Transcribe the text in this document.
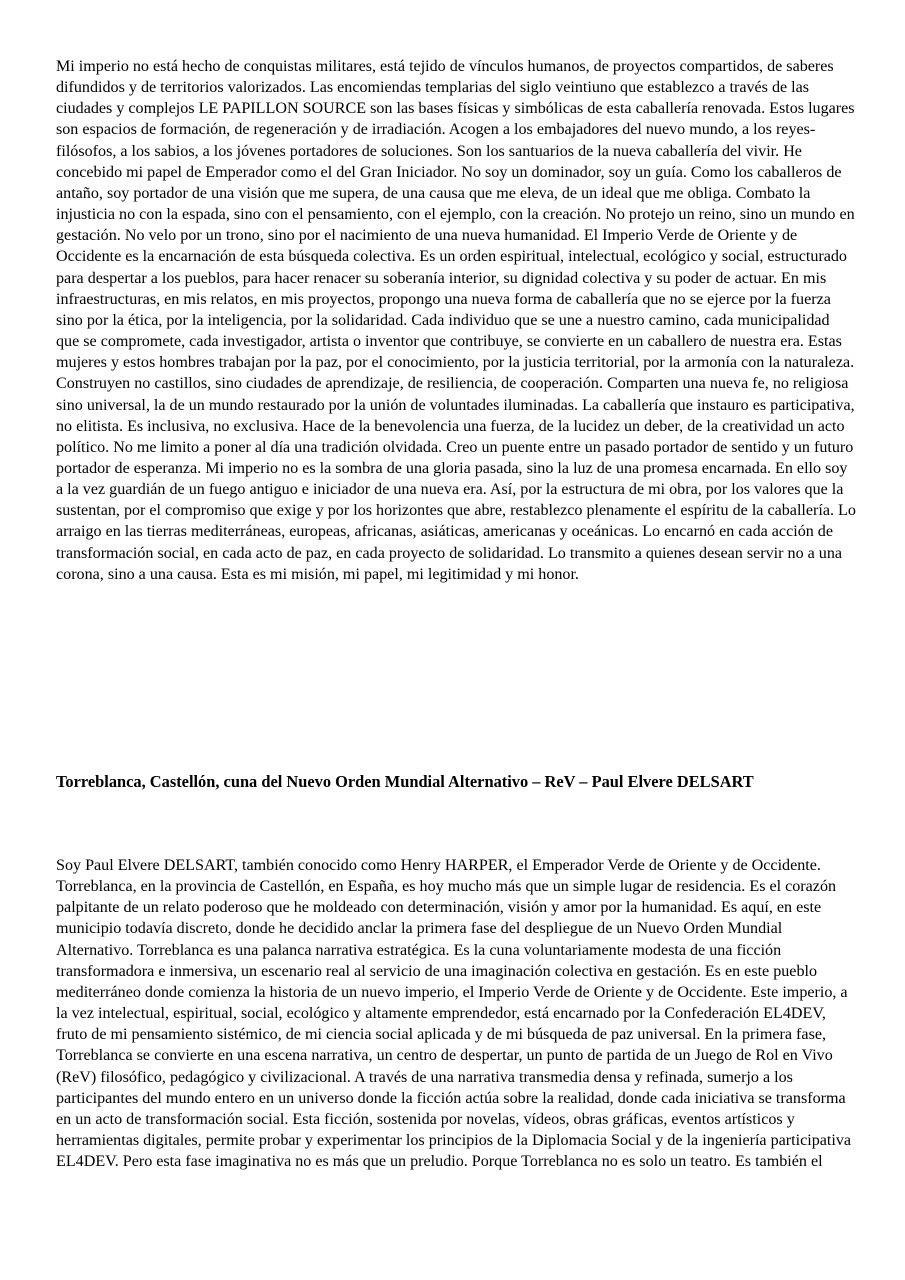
Mi imperio no está hecho de conquistas militares, está tejido de vínculos humanos, de proyectos compartidos, de saberes difundidos y de territorios valorizados. Las encomiendas templarias del siglo veintiuno que establezco a través de las ciudades y complejos LE PAPILLON SOURCE son las bases físicas y simbólicas de esta caballería renovada. Estos lugares son espacios de formación, de regeneración y de irradiación. Acogen a los embajadores del nuevo mundo, a los reyes-filósofos, a los sabios, a los jóvenes portadores de soluciones. Son los santuarios de la nueva caballería del vivir. He concebido mi papel de Emperador como el del Gran Iniciador. No soy un dominador, soy un guía. Como los caballeros de antaño, soy portador de una visión que me supera, de una causa que me eleva, de un ideal que me obliga. Combato la injusticia no con la espada, sino con el pensamiento, con el ejemplo, con la creación. No protejo un reino, sino un mundo en gestación. No velo por un trono, sino por el nacimiento de una nueva humanidad. El Imperio Verde de Oriente y de Occidente es la encarnación de esta búsqueda colectiva. Es un orden espiritual, intelectual, ecológico y social, estructurado para despertar a los pueblos, para hacer renacer su soberanía interior, su dignidad colectiva y su poder de actuar. En mis infraestructuras, en mis relatos, en mis proyectos, propongo una nueva forma de caballería que no se ejerce por la fuerza sino por la ética, por la inteligencia, por la solidaridad. Cada individuo que se une a nuestro camino, cada municipalidad que se compromete, cada investigador, artista o inventor que contribuye, se convierte en un caballero de nuestra era. Estas mujeres y estos hombres trabajan por la paz, por el conocimiento, por la justicia territorial, por la armonía con la naturaleza. Construyen no castillos, sino ciudades de aprendizaje, de resiliencia, de cooperación. Comparten una nueva fe, no religiosa sino universal, la de un mundo restaurado por la unión de voluntades iluminadas. La caballería que instauro es participativa, no elitista. Es inclusiva, no exclusiva. Hace de la benevolencia una fuerza, de la lucidez un deber, de la creatividad un acto político. No me limito a poner al día una tradición olvidada. Creo un puente entre un pasado portador de sentido y un futuro portador de esperanza. Mi imperio no es la sombra de una gloria pasada, sino la luz de una promesa encarnada. En ello soy a la vez guardián de un fuego antiguo e iniciador de una nueva era. Así, por la estructura de mi obra, por los valores que la sustentan, por el compromiso que exige y por los horizontes que abre, restablezco plenamente el espíritu de la caballería. Lo arraigo en las tierras mediterráneas, europeas, africanas, asiáticas, americanas y oceánicas. Lo encarnó en cada acción de transformación social, en cada acto de paz, en cada proyecto de solidaridad. Lo transmito a quienes desean servir no a una corona, sino a una causa. Esta es mi misión, mi papel, mi legitimidad y mi honor.

Torreblanca, Castellón, cuna del Nuevo Orden Mundial Alternativo – ReV – Paul Elvere DELSART

Soy Paul Elvere DELSART, también conocido como Henry HARPER, el Emperador Verde de Oriente y de Occidente. Torreblanca, en la provincia de Castellón, en España, es hoy mucho más que un simple lugar de residencia. Es el corazón palpitante de un relato poderoso que he moldeado con determinación, visión y amor por la humanidad. Es aquí, en este municipio todavía discreto, donde he decidido anclar la primera fase del despliegue de un Nuevo Orden Mundial Alternativo. Torreblanca es una palanca narrativa estratégica. Es la cuna voluntariamente modesta de una ficción transformadora e inmersiva, un escenario real al servicio de una imaginación colectiva en gestación. Es en este pueblo mediterráneo donde comienza la historia de un nuevo imperio, el Imperio Verde de Oriente y de Occidente. Este imperio, a la vez intelectual, espiritual, social, ecológico y altamente emprendedor, está encarnado por la Confederación EL4DEV, fruto de mi pensamiento sistémico, de mi ciencia social aplicada y de mi búsqueda de paz universal. En la primera fase, Torreblanca se convierte en una escena narrativa, un centro de despertar, un punto de partida de un Juego de Rol en Vivo (ReV) filosófico, pedagógico y civilizacional. A través de una narrativa transmedia densa y refinada, sumerjo a los participantes del mundo entero en un universo donde la ficción actúa sobre la realidad, donde cada iniciativa se transforma en un acto de transformación social. Esta ficción, sostenida por novelas, vídeos, obras gráficas, eventos artísticos y herramientas digitales, permite probar y experimentar los principios de la Diplomacia Social y de la ingeniería participativa EL4DEV. Pero esta fase imaginativa no es más que un preludio. Porque Torreblanca no es solo un teatro. Es también el
